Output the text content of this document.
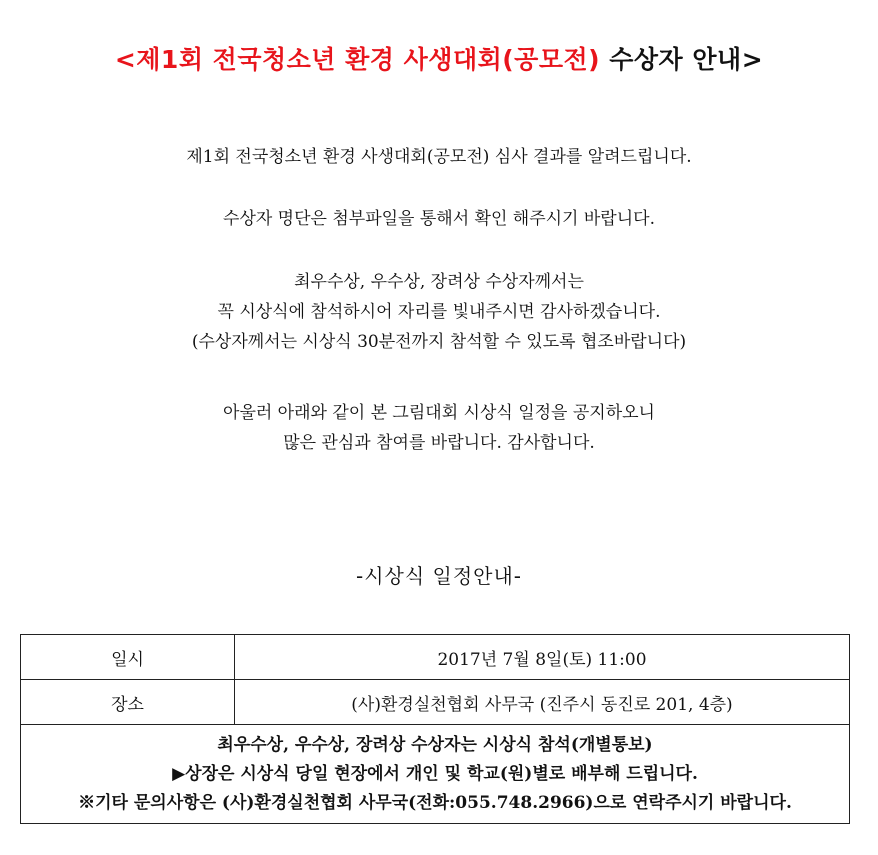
<제1회 전국청소년 환경 사생대회(공모전) 수상자 안내>
제1회 전국청소년 환경 사생대회(공모전) 심사 결과를 알려드립니다.
수상자 명단은 첨부파일을 통해서 확인 해주시기 바랍니다.
최우수상, 우수상, 장려상 수상자께서는
꼭 시상식에 참석하시어 자리를 빛내주시면 감사하겠습니다.
(수상자께서는 시상식 30분전까지 참석할 수 있도록 협조바랍니다)
아울러 아래와 같이 본 그림대회 시상식 일정을 공지하오니
많은 관심과 참여를 바랍니다. 감사합니다.
-시상식 일정안내-
일시	2017년 7월 8일(토) 11:00
장소	(사)환경실천협회 사무국 (진주시 동진로 201, 4층)

최우수상, 우수상, 장려상 수상자는 시상식 참석(개별통보)
▶상장은 시상식 당일 현장에서 개인 및 학교(원)별로 배부해 드립니다.
※기타 문의사항은 (사)환경실천협회 사무국(전화:055.748.2966)으로 연락주시기 바랍니다.	
